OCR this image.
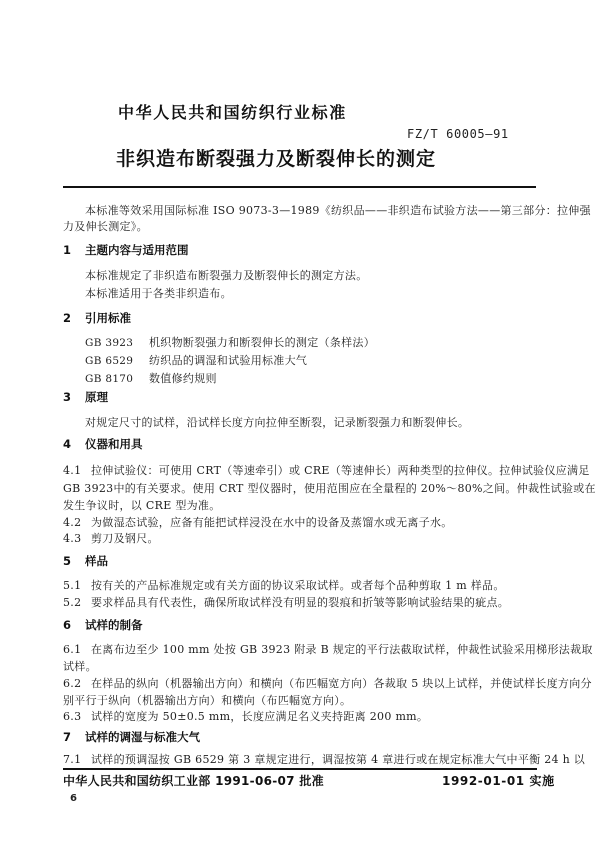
中华人民共和国纺织行业标准
FZ/T 60005—91
非织造布断裂强力及断裂伸长的测定
本标准等效采用国际标准 ISO 9073-3—1989《纺织品——非织造布试验方法——第三部分：拉伸强
力及伸长测定》。
1 主题内容与适用范围
本标准规定了非织造布断裂强力及断裂伸长的测定方法。
本标准适用于各类非织造布。
2 引用标准
GB 3923 机织物断裂强力和断裂伸长的测定（条样法）
GB 6529 纺织品的调湿和试验用标准大气
GB 8170 数值修约规则
3 原理
对规定尺寸的试样，沿试样长度方向拉伸至断裂，记录断裂强力和断裂伸长。
4 仪器和用具
4.1 拉伸试验仪：可使用 CRT（等速牵引）或 CRE（等速伸长）两种类型的拉伸仪。拉伸试验仪应满足
GB 3923中的有关要求。使用 CRT 型仪器时，使用范围应在全量程的 20%～80%之间。仲裁性试验或在
发生争议时，以 CRE 型为准。
4.2 为做湿态试验，应备有能把试样浸没在水中的设备及蒸馏水或无离子水。
4.3 剪刀及钢尺。
5 样品
5.1 按有关的产品标准规定或有关方面的协议采取试样。或者每个品种剪取 1 m 样品。
5.2 要求样品具有代表性，确保所取试样没有明显的裂痕和折皱等影响试验结果的疵点。
6 试样的制备
6.1 在离布边至少 100 mm 处按 GB 3923 附录 B 规定的平行法截取试样，仲裁性试验采用梯形法裁取
试样。
6.2 在样品的纵向（机器输出方向）和横向（布匹幅宽方向）各裁取 5 块以上试样，并使试样长度方向分
别平行于纵向（机器输出方向）和横向（布匹幅宽方向）。
6.3 试样的宽度为 50±0.5 mm，长度应满足名义夹持距离 200 mm。
7 试样的调湿与标准大气
7.1 试样的预调湿按 GB 6529 第 3 章规定进行，调湿按第 4 章进行或在规定标准大气中平衡 24 h 以
中华人民共和国纺织工业部 1991-06-07 批准	1992-01-01 实施
6
